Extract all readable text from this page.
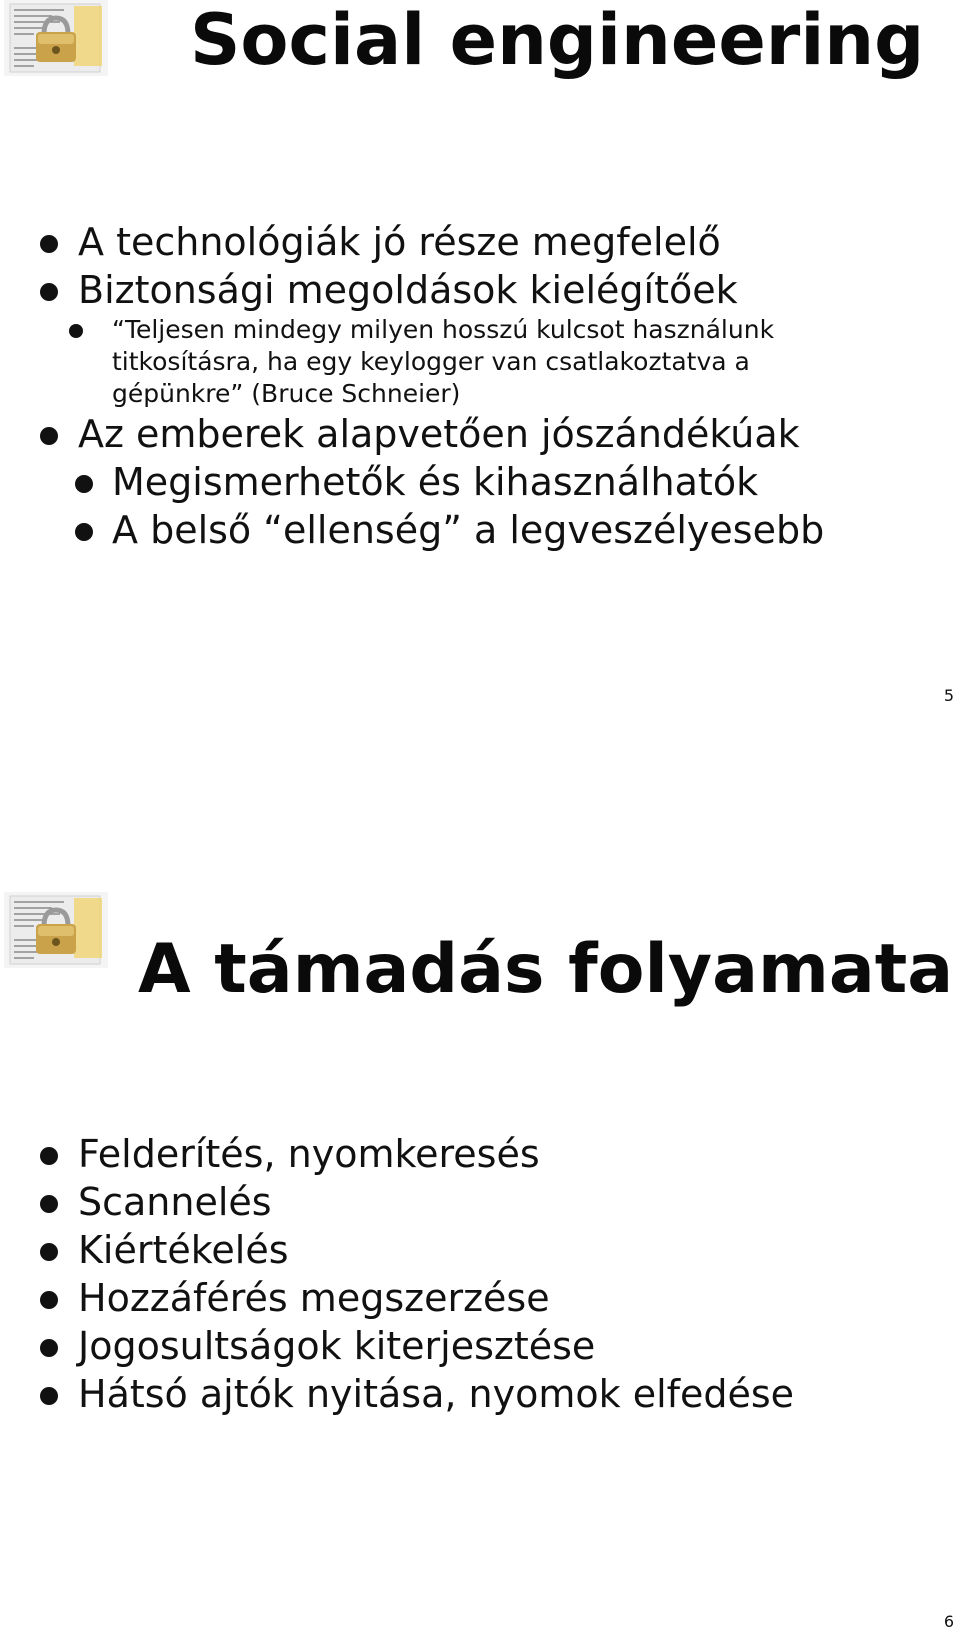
Social engineering
A technológiák jó része megfelelő
Biztonsági megoldások kielégítőek
“Teljesen mindegy milyen hosszú kulcsot használunk titkosításra, ha egy keylogger van csatlakoztatva a gépünkre” (Bruce Schneier)
Az emberek alapvetően jószándékúak
Megismerhetők és kihasználhatók
A belső “ellenség” a legveszélyesebb
5
A támadás folyamata
Felderítés, nyomkeresés
Scannelés
Kiértékelés
Hozzáférés megszerzése
Jogosultságok kiterjesztése
Hátsó ajtók nyitása, nyomok elfedése
6
